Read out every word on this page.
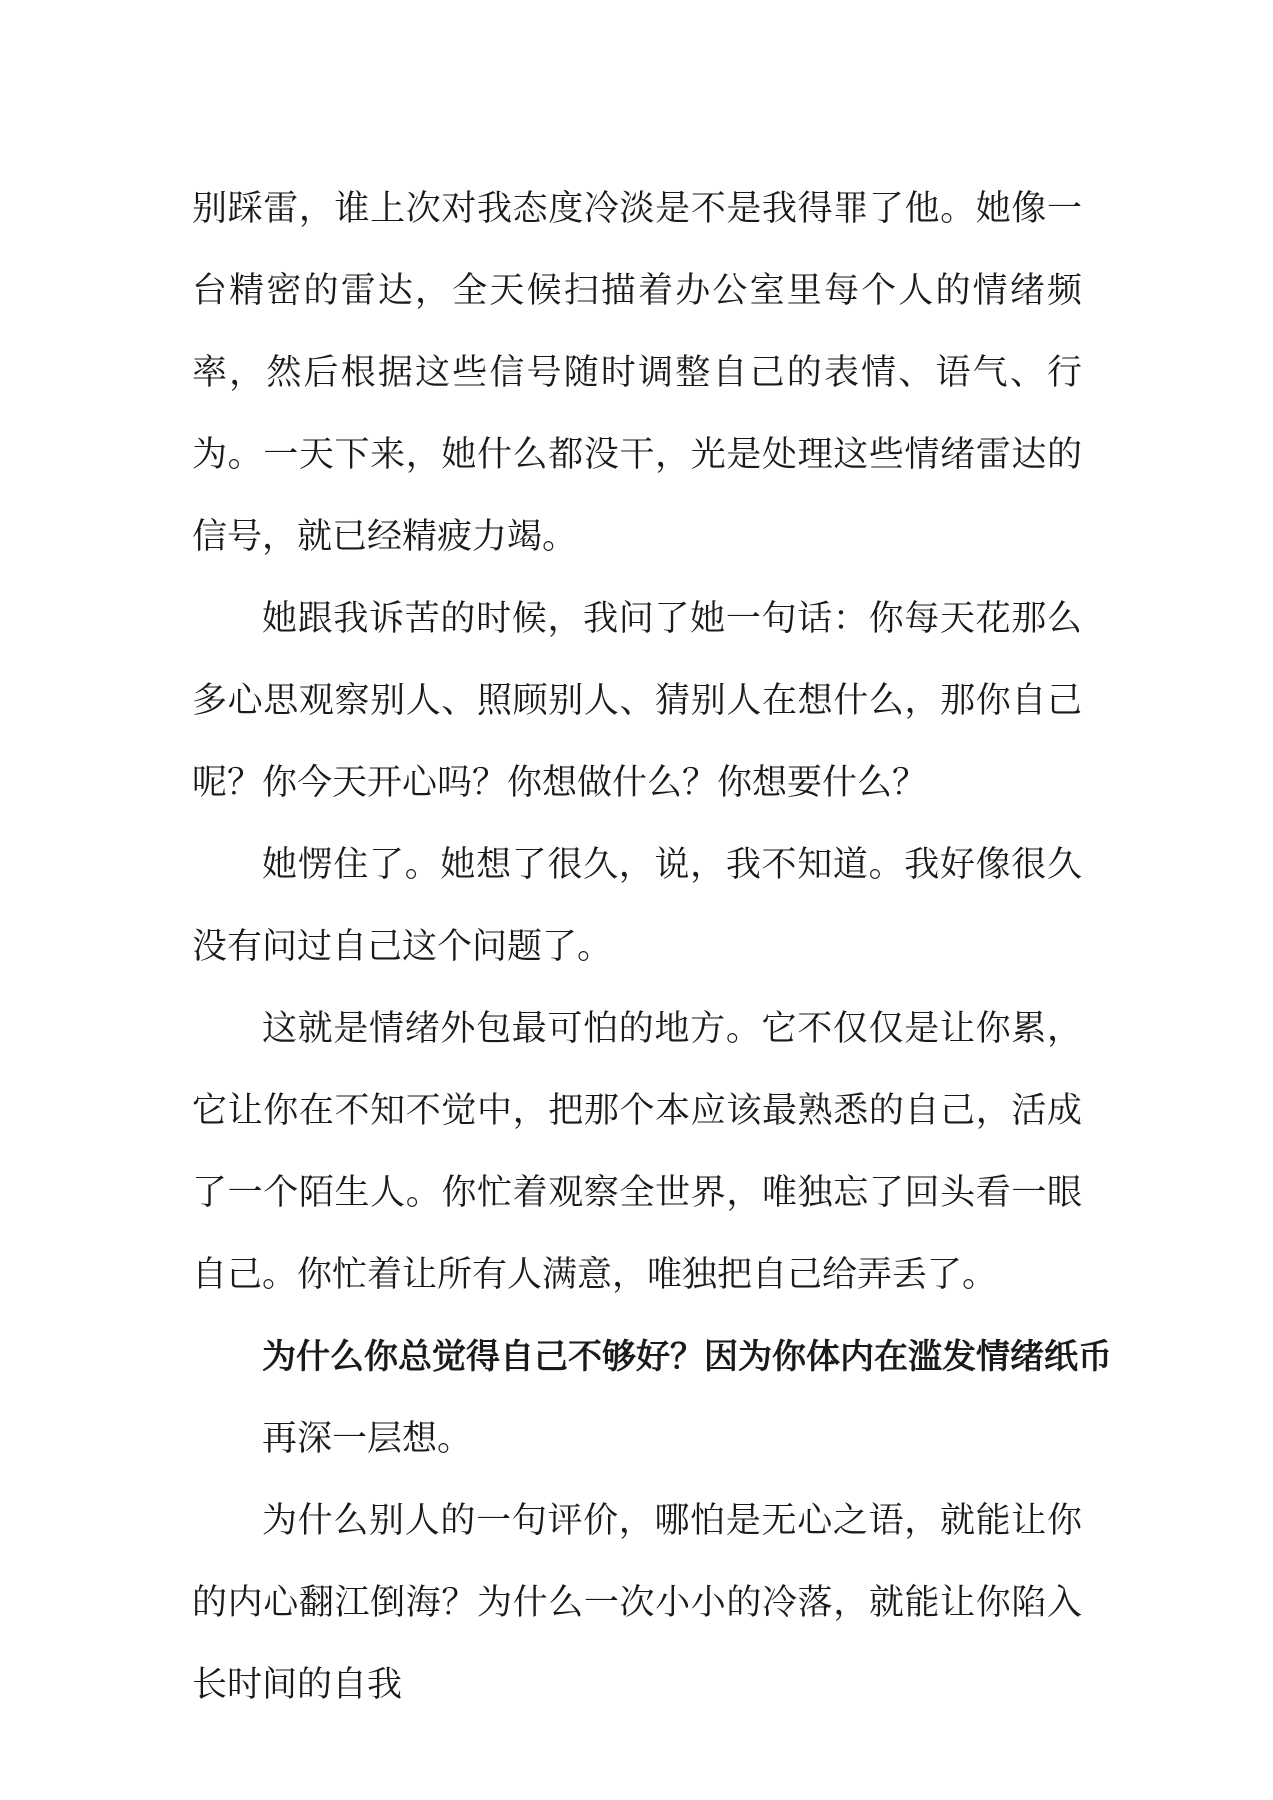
别踩雷，谁上次对我态度冷淡是不是我得罪了他。她像一台精密的雷达，全天候扫描着办公室里每个人的情绪频率，然后根据这些信号随时调整自己的表情、语气、行为。一天下来，她什么都没干，光是处理这些情绪雷达的信号，就已经精疲力竭。

她跟我诉苦的时候，我问了她一句话：你每天花那么多心思观察别人、照顾别人、猜别人在想什么，那你自己呢？你今天开心吗？你想做什么？你想要什么？

她愣住了。她想了很久，说，我不知道。我好像很久没有问过自己这个问题了。

这就是情绪外包最可怕的地方。它不仅仅是让你累，它让你在不知不觉中，把那个本应该最熟悉的自己，活成了一个陌生人。你忙着观察全世界，唯独忘了回头看一眼自己。你忙着让所有人满意，唯独把自己给弄丢了。

为什么你总觉得自己不够好？因为你体内在滥发情绪纸币

再深一层想。

为什么别人的一句评价，哪怕是无心之语，就能让你的内心翻江倒海？为什么一次小小的冷落，就能让你陷入长时间的自我
